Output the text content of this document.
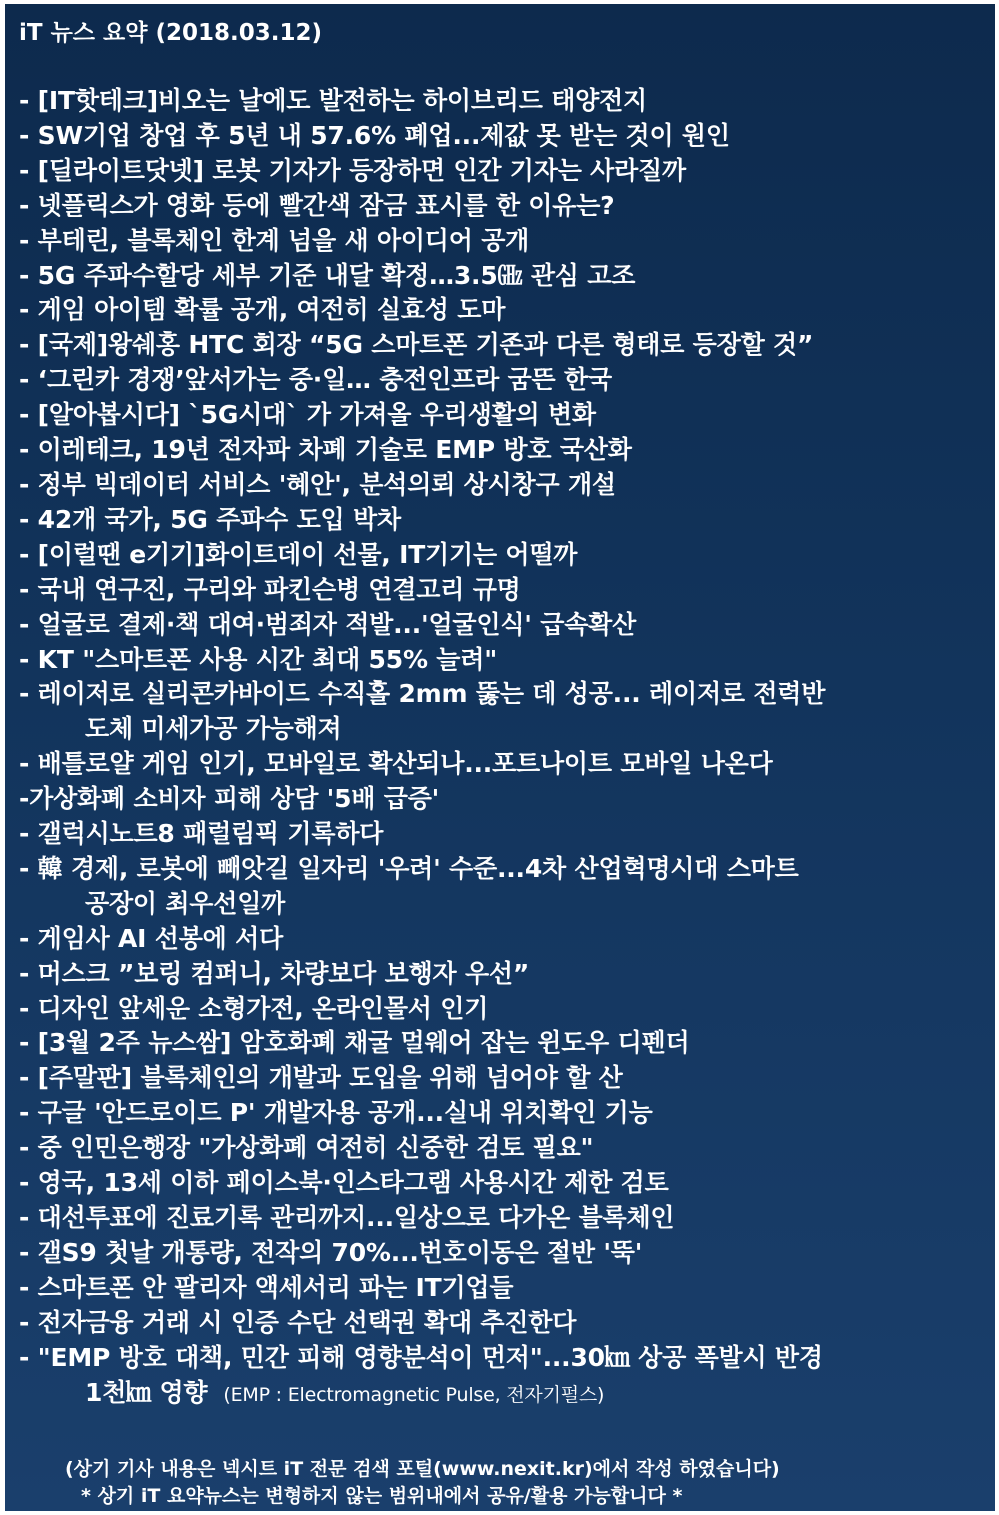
iT 뉴스 요약 (2018.03.12)
- [IT핫테크]비오는 날에도 발전하는 하이브리드 태양전지
- SW기업 창업 후 5년 내 57.6% 폐업...제값 못 받는 것이 원인
- [딜라이트닷넷] 로봇 기자가 등장하면 인간 기자는 사라질까
- 넷플릭스가 영화 등에 빨간색 잠금 표시를 한 이유는?
- 부테린, 블록체인 한계 넘을 새 아이디어 공개
- 5G 주파수할당 세부 기준 내달 확정…3.5㎓ 관심 고조
- 게임 아이템 확률 공개, 여전히 실효성 도마
- [국제]왕쉐홍 HTC 회장 “5G 스마트폰 기존과 다른 형태로 등장할 것”
- ‘그린카 경쟁’앞서가는 중·일… 충전인프라 굼뜬 한국
- [알아봅시다] `5G시대` 가 가져올 우리생활의 변화
- 이레테크, 19년 전자파 차폐 기술로 EMP 방호 국산화
- 정부 빅데이터 서비스 '혜안', 분석의뢰 상시창구 개설
- 42개 국가, 5G 주파수 도입 박차
- [이럴땐 e기기]화이트데이 선물, IT기기는 어떨까
- 국내 연구진, 구리와 파킨슨병 연결고리 규명
- 얼굴로 결제·책 대여·범죄자 적발...'얼굴인식' 급속확산
- KT "스마트폰 사용 시간 최대 55% 늘려"
- 레이저로 실리콘카바이드 수직홀 2mm 뚫는 데 성공... 레이저로 전력반
도체 미세가공 가능해져
- 배틀로얄 게임 인기, 모바일로 확산되나...포트나이트 모바일 나온다
-가상화폐 소비자 피해 상담 '5배 급증'
- 갤럭시노트8 패럴림픽 기록하다
- 韓 경제, 로봇에 빼앗길 일자리 '우려' 수준...4차 산업혁명시대 스마트
공장이 최우선일까
- 게임사 AI 선봉에 서다
- 머스크 ”보링 컴퍼니, 차량보다 보행자 우선”
- 디자인 앞세운 소형가전, 온라인몰서 인기
- [3월 2주 뉴스쌈] 암호화폐 채굴 멀웨어 잡는 윈도우 디펜더
- [주말판] 블록체인의 개발과 도입을 위해 넘어야 할 산
- 구글 '안드로이드 P' 개발자용 공개...실내 위치확인 기능
- 중 인민은행장 "가상화폐 여전히 신중한 검토 필요"
- 영국, 13세 이하 페이스북·인스타그램 사용시간 제한 검토
- 대선투표에 진료기록 관리까지...일상으로 다가온 블록체인
- 갤S9 첫날 개통량, 전작의 70%...번호이동은 절반 '뚝'
- 스마트폰 안 팔리자 액세서리 파는 IT기업들
- 전자금융 거래 시 인증 수단 선택권 확대 추진한다
- "EMP 방호 대책, 민간 피해 영향분석이 먼저"...30㎞ 상공 폭발시 반경
1천㎞ 영향 (EMP : Electromagnetic Pulse, 전자기펄스)
(상기 기사 내용은 넥시트 iT 전문 검색 포털(www.nexit.kr)에서 작성 하였습니다)
* 상기 iT 요약뉴스는 변형하지 않는 범위내에서 공유/활용 가능합니다 *
